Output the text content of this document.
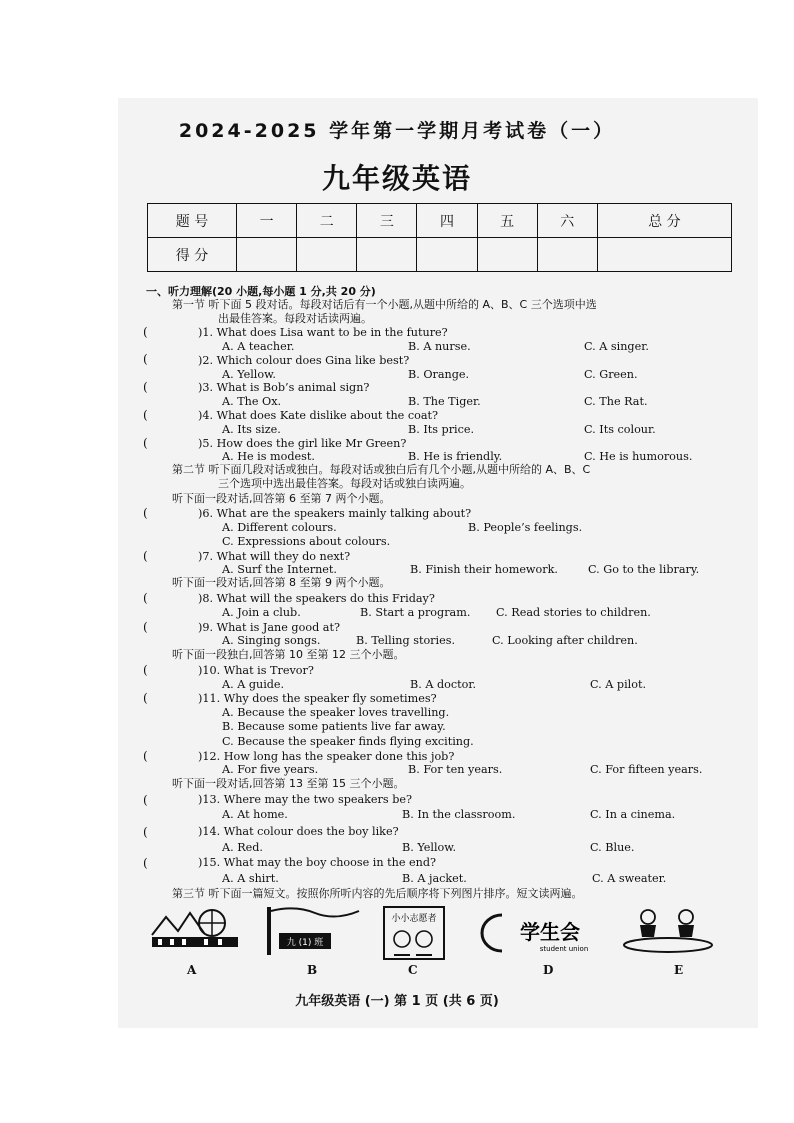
2024-2025 学年第一学期月考试卷（一）
九年级英语
题 号	一	二	三	四	五	六	总 分
得 分							
一、听力理解(20 小题,每小题 1 分,共 20 分)
第一节 听下面 5 段对话。每段对话后有一个小题,从题中所给的 A、B、C 三个选项中选
出最佳答案。每段对话读两遍。
第二节 听下面几段对话或独白。每段对话或独白后有几个小题,从题中所给的 A、B、C
三个选项中选出最佳答案。每段对话或独白读两遍。
听下面一段对话,回答第 6 至第 7 两个小题。
听下面一段对话,回答第 8 至第 9 两个小题。
听下面一段独白,回答第 10 至第 12 三个小题。
听下面一段对话,回答第 13 至第 15 三个小题。
第三节 听下面一篇短文。按照你所听内容的先后顺序将下列图片排序。短文读两遍。
(	)1. What does Lisa want to be in the future?
A. A teacher.	B. A nurse.	C. A singer.
(	)2. Which colour does Gina like best?
A. Yellow.	B. Orange.	C. Green.
(	)3. What is Bob’s animal sign?
A. The Ox.	B. The Tiger.	C. The Rat.
(	)4. What does Kate dislike about the coat?
A. Its size.	B. Its price.	C. Its colour.
(	)5. How does the girl like Mr Green?
A. He is modest.	B. He is friendly.	C. He is humorous.
(	)6. What are the speakers mainly talking about?
A. Different colours.	B. People’s feelings.
C. Expressions about colours.
(	)7. What will they do next?
A. Surf the Internet.	B. Finish their homework.	C. Go to the library.
(	)8. What will the speakers do this Friday?
A. Join a club.	B. Start a program. C. Read stories to children.
(	)9. What is Jane good at?
A. Singing songs.	B. Telling stories.	C. Looking after children.
(	)10. What is Trevor?
A. A guide.	B. A doctor.	C. A pilot.
(	)11. Why does the speaker fly sometimes?
A. Because the speaker loves travelling.
B. Because some patients live far away.
C. Because the speaker finds flying exciting.
(	)12. How long has the speaker done this job?
A. For five years.	B. For ten years.	C. For fifteen years.
(	)13. Where may the two speakers be?
A. At home.	B. In the classroom.	C. In a cinema.
(	)14. What colour does the boy like?
A. Red.	B. Yellow.	C. Blue.
(	)15. What may the boy choose in the end?
A. A shirt.	B. A jacket.	C. A sweater.
A
九 (1) 班
B
小小志愿者
C
学生会
student union
D	E
九年级英语 (一) 第 1 页 (共 6 页)
